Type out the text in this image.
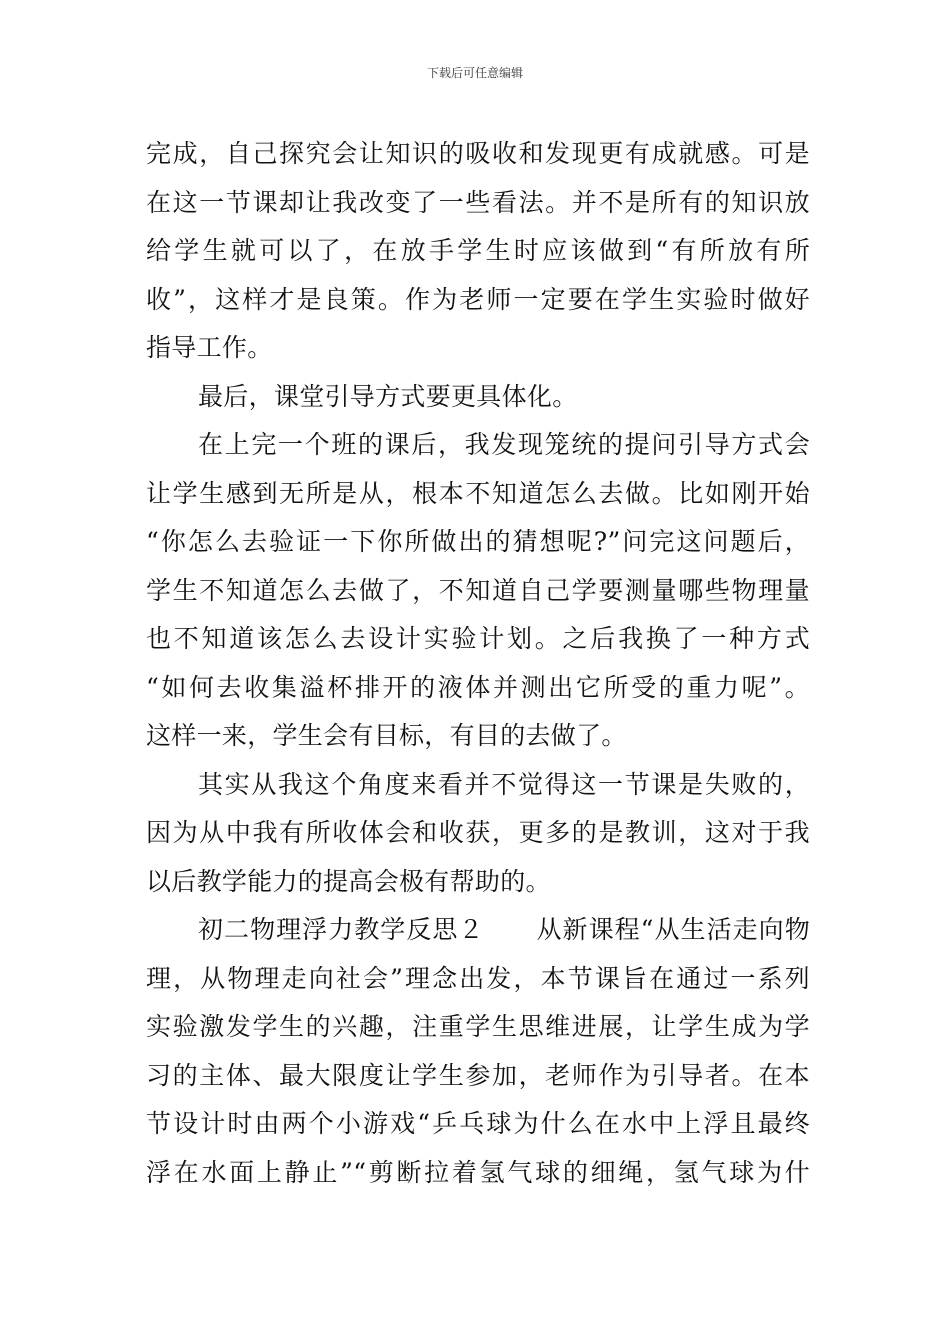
下载后可任意编辑
完成，自己探究会让知识的吸收和发现更有成就感。可是
在这一节课却让我改变了一些看法。并不是所有的知识放
给学生就可以了，在放手学生时应该做到“有所放有所
收”，这样才是良策。作为老师一定要在学生实验时做好
指导工作。
最后，课堂引导方式要更具体化。
在上完一个班的课后，我发现笼统的提问引导方式会
让学生感到无所是从，根本不知道怎么去做。比如刚开始
“你怎么去验证一下你所做出的猜想呢?”问完这问题后，
学生不知道怎么去做了，不知道自己学要测量哪些物理量
也不知道该怎么去设计实验计划。之后我换了一种方式
“如何去收集溢杯排开的液体并测出它所受的重力呢”。
这样一来，学生会有目标，有目的去做了。
其实从我这个角度来看并不觉得这一节课是失败的，
因为从中我有所收体会和收获，更多的是教训，这对于我
以后教学能力的提高会极有帮助的。
初二物理浮力教学反思２　　从新课程“从生活走向物
理，从物理走向社会”理念出发，本节课旨在通过一系列
实验激发学生的兴趣，注重学生思维进展，让学生成为学
习的主体、最大限度让学生参加，老师作为引导者。在本
节设计时由两个小游戏“乒乓球为什么在水中上浮且最终
浮在水面上静止”“剪断拉着氢气球的细绳，氢气球为什
